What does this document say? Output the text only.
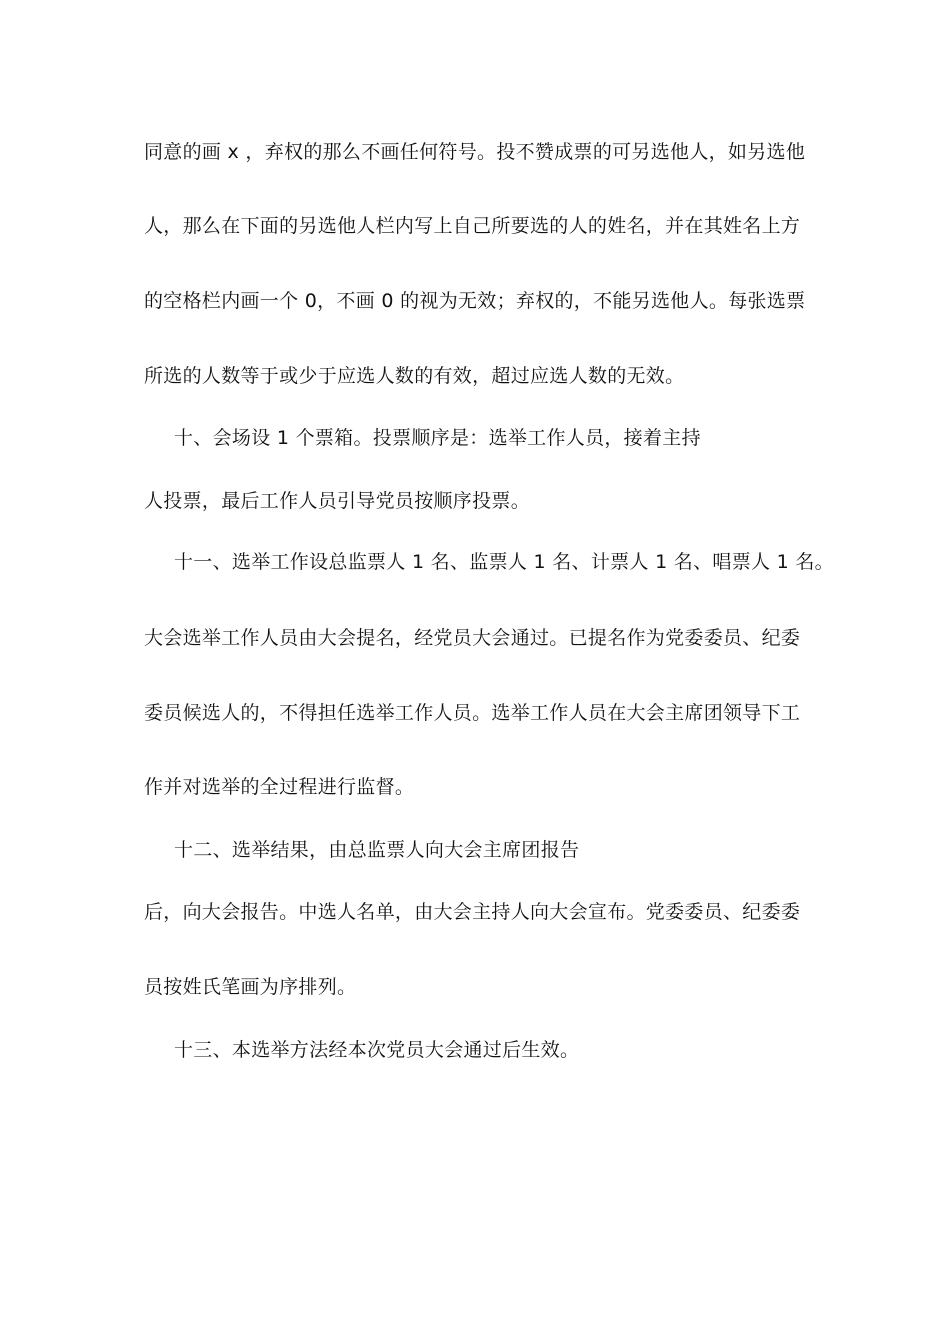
同意的画 x ，弃权的那么不画任何符号。投不赞成票的可另选他人，如另选他
人，那么在下面的另选他人栏内写上自己所要选的人的姓名，并在其姓名上方
的空格栏内画一个 0，不画 0 的视为无效；弃权的，不能另选他人。每张选票
所选的人数等于或少于应选人数的有效，超过应选人数的无效。
十、会场设 1 个票箱。投票顺序是：选举工作人员，接着主持
人投票，最后工作人员引导党员按顺序投票。
十一、选举工作设总监票人 1 名、监票人 1 名、计票人 1 名、唱票人 1 名。
大会选举工作人员由大会提名，经党员大会通过。已提名作为党委委员、纪委
委员候选人的，不得担任选举工作人员。选举工作人员在大会主席团领导下工
作并对选举的全过程进行监督。
十二、选举结果，由总监票人向大会主席团报告
后，向大会报告。中选人名单，由大会主持人向大会宣布。党委委员、纪委委
员按姓氏笔画为序排列。
十三、本选举方法经本次党员大会通过后生效。
